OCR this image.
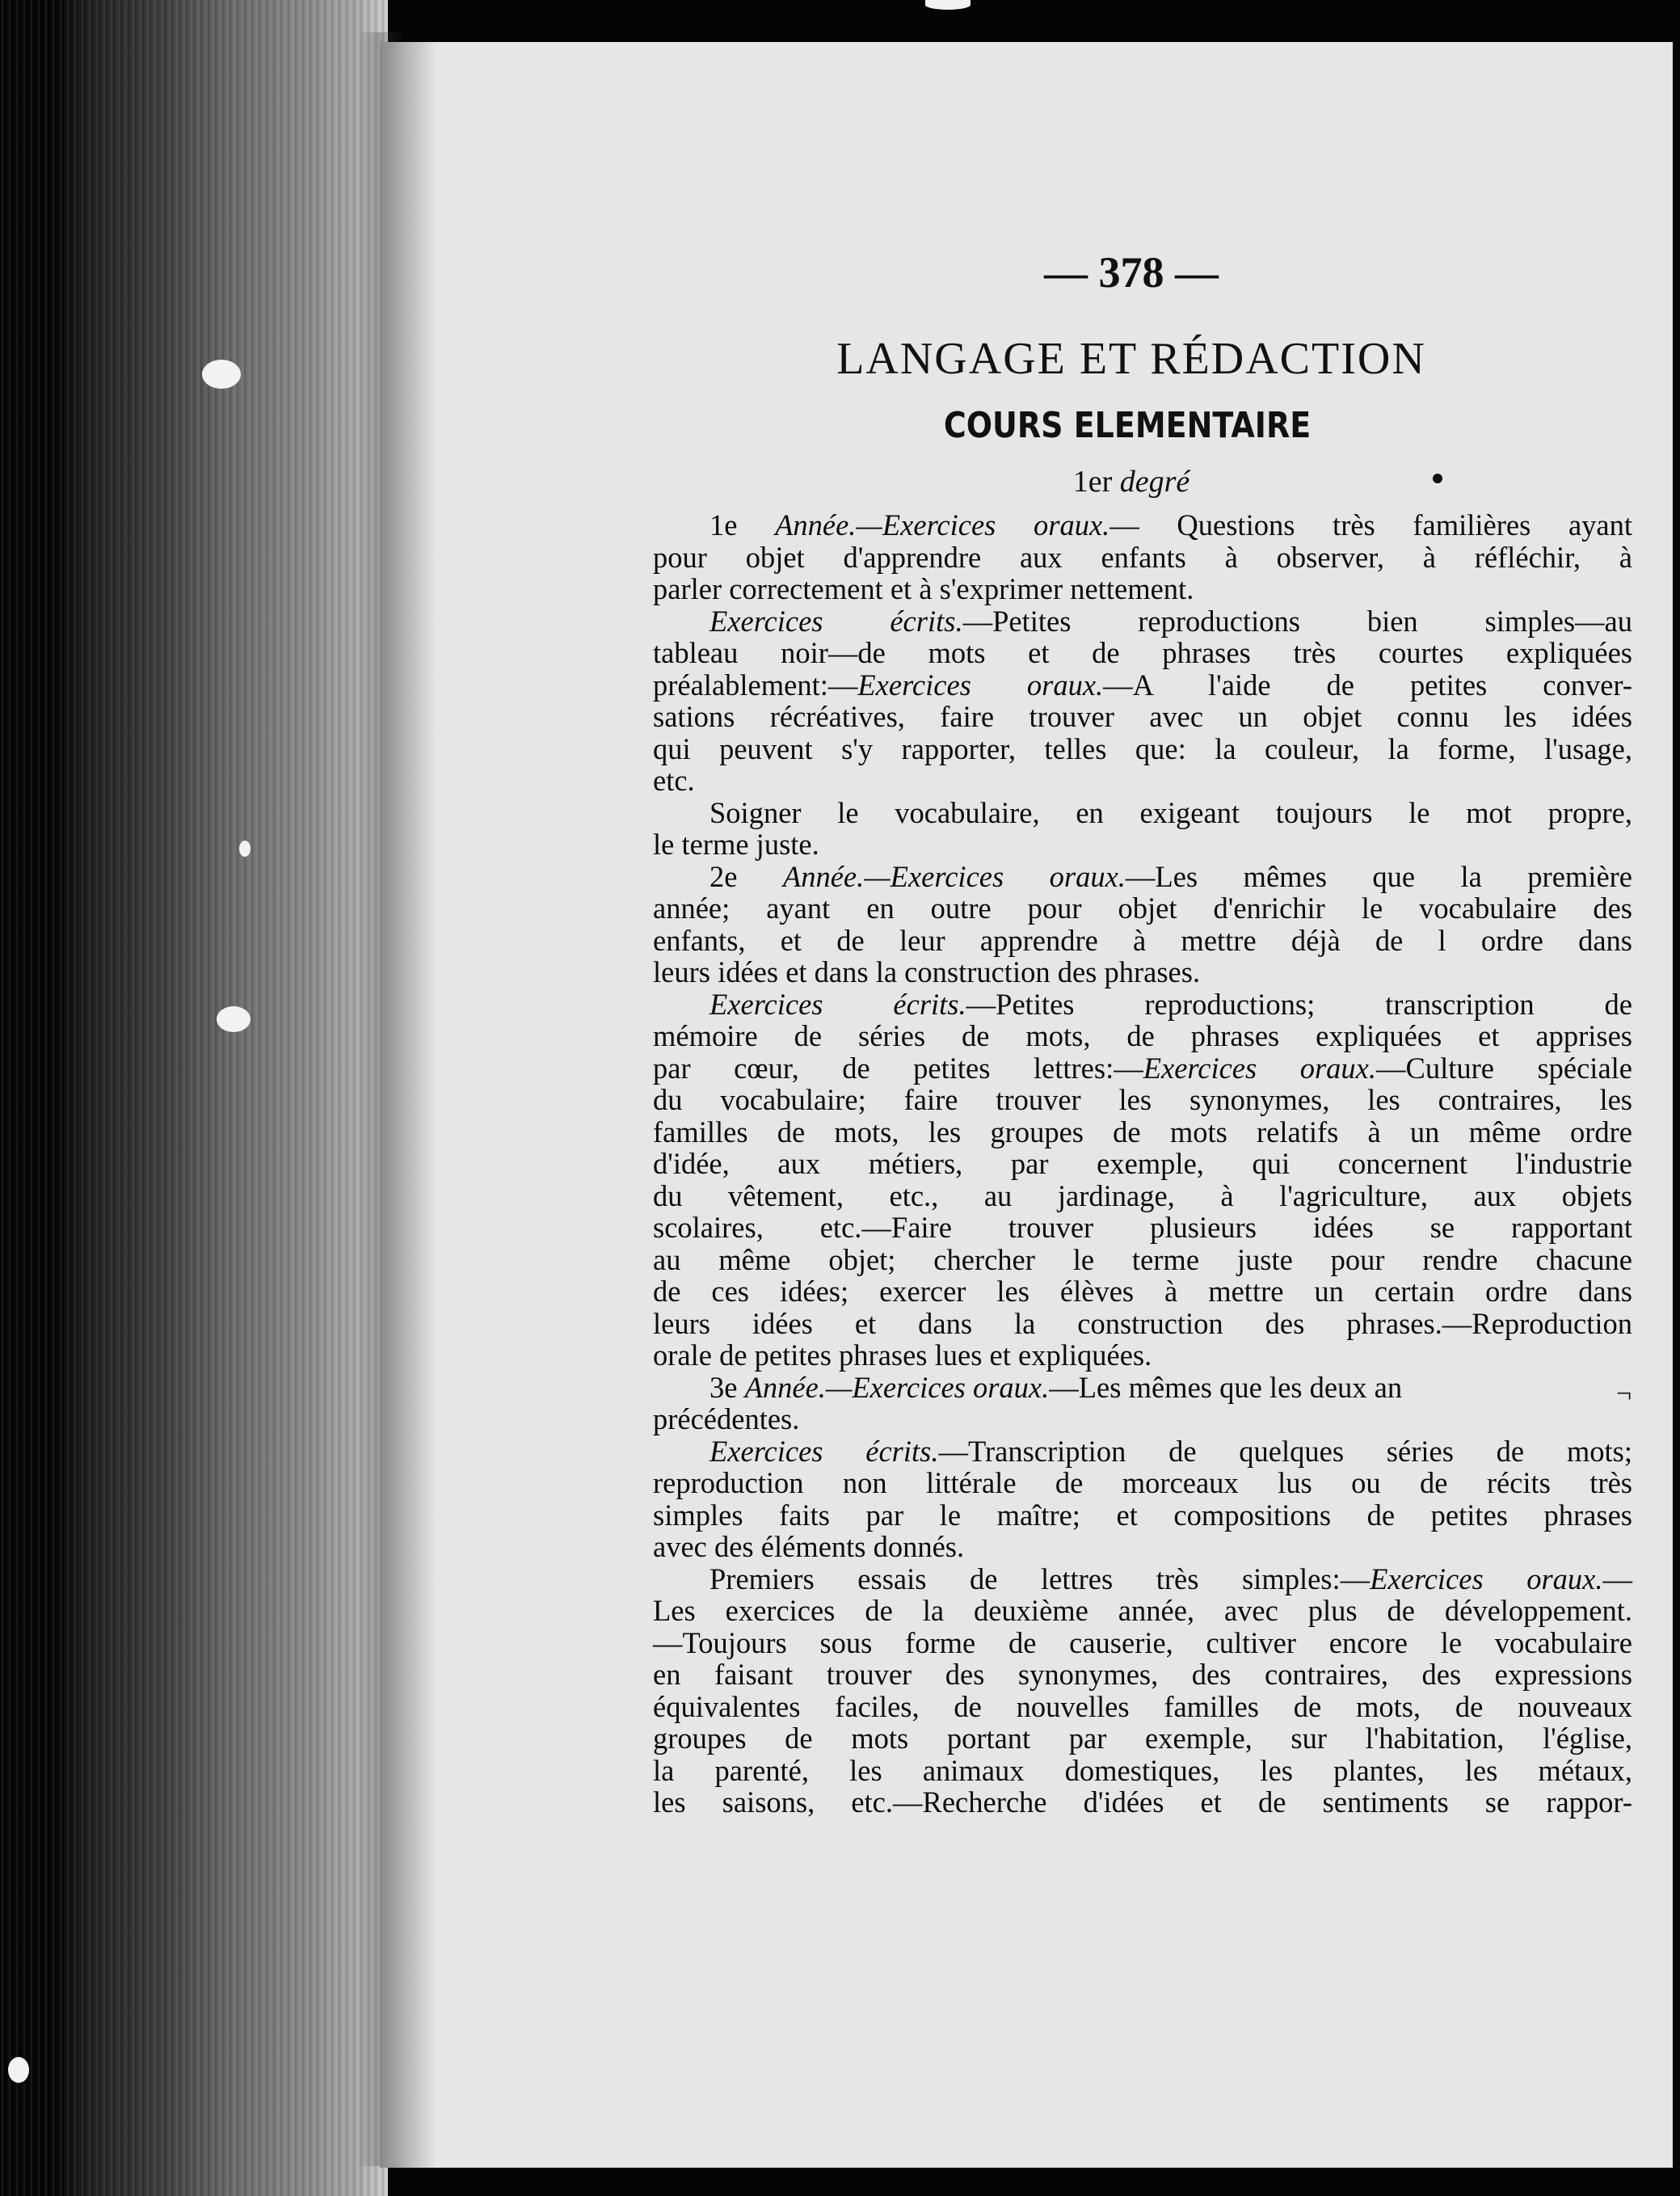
— 378 —
LANGAGE ET RÉDACTION
COURS ELEMENTAIRE
1er degré
1e Année.—Exercices oraux.— Questions très familières ayant
pour objet d'apprendre aux enfants à observer, à réfléchir, à
parler correctement et à s'exprimer nettement.
Exercices écrits.—Petites reproductions bien simples—au
tableau noir—de mots et de phrases très courtes expliquées
préalablement:—Exercices oraux.—A l'aide de petites conver-
sations récréatives, faire trouver avec un objet connu les idées
qui peuvent s'y rapporter, telles que: la couleur, la forme, l'usage,
etc.
Soigner le vocabulaire, en exigeant toujours le mot propre,
le terme juste.
2e Année.—Exercices oraux.—Les mêmes que la première
année; ayant en outre pour objet d'enrichir le vocabulaire des
enfants, et de leur apprendre à mettre déjà de l ordre dans
leurs idées et dans la construction des phrases.
Exercices écrits.—Petites reproductions; transcription de
mémoire de séries de mots, de phrases expliquées et apprises
par cœur, de petites lettres:—Exercices oraux.—Culture spéciale
du vocabulaire; faire trouver les synonymes, les contraires, les
familles de mots, les groupes de mots relatifs à un même ordre
d'idée, aux métiers, par exemple, qui concernent l'industrie
du vêtement, etc., au jardinage, à l'agriculture, aux objets
scolaires, etc.—Faire trouver plusieurs idées se rapportant
au même objet; chercher le terme juste pour rendre chacune
de ces idées; exercer les élèves à mettre un certain ordre dans
leurs idées et dans la construction des phrases.—Reproduction
orale de petites phrases lues et expliquées.
3e Année.—Exercices oraux.—Les mêmes que les deux an
précédentes.
Exercices écrits.—Transcription de quelques séries de mots;
reproduction non littérale de morceaux lus ou de récits très
simples faits par le maître; et compositions de petites phrases
avec des éléments donnés.
Premiers essais de lettres très simples:—Exercices oraux.—
Les exercices de la deuxième année, avec plus de développement.
—Toujours sous forme de causerie, cultiver encore le vocabulaire
en faisant trouver des synonymes, des contraires, des expressions
équivalentes faciles, de nouvelles familles de mots, de nouveaux
groupes de mots portant par exemple, sur l'habitation, l'église,
la parenté, les animaux domestiques, les plantes, les métaux,
les saisons, etc.—Recherche d'idées et de sentiments se rappor-
¬
